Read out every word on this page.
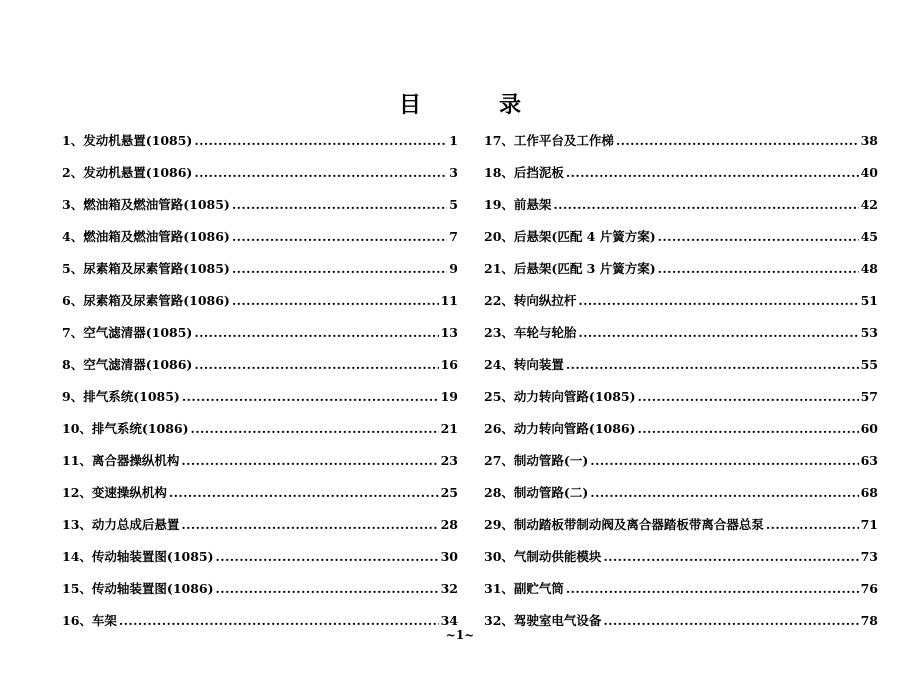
目　录
1、 发动机悬置(1085) .....	1
2、 发动机悬置(1086) .....	3
3、 燃油箱及燃油管路(1085) .....	5
4、 燃油箱及燃油管路(1086) .....	7
5、 尿素箱及尿素管路(1085) .....	9
6、 尿素箱及尿素管路(1086) .....	11
7、 空气滤清器(1085) .....	13
8、 空气滤清器(1086) .....	16
9、 排气系统(1085) .....	19
10、 排气系统(1086) .....	21
11、 离合器操纵机构 .....	23
12、 变速操纵机构 .....	25
13、 动力总成后悬置 .....	28
14、 传动轴装置图(1085) .....	30
15、 传动轴装置图(1086) .....	32
16、 车架 .....	34
17、 工作平台及工作梯 .....	38
18、 后挡泥板 .....	40
19、 前悬架 .....	42
20、 后悬架(匹配 4 片簧方案) .....	45
21、 后悬架(匹配 3 片簧方案) .....	48
22、 转向纵拉杆 .....	51
23、 车轮与轮胎 .....	53
24、 转向装置 .....	55
25、 动力转向管路(1085) .....	57
26、 动力转向管路(1086) .....	60
27、 制动管路(一) .....	63
28、 制动管路(二) .....	68
29、 制动踏板带制动阀及离合器踏板带离合器总泵 .....	71
30、 气制动供能模块 .....	73
31、 副贮气筒 .....	76
32、 驾驶室电气设备 .....	78
~1~
